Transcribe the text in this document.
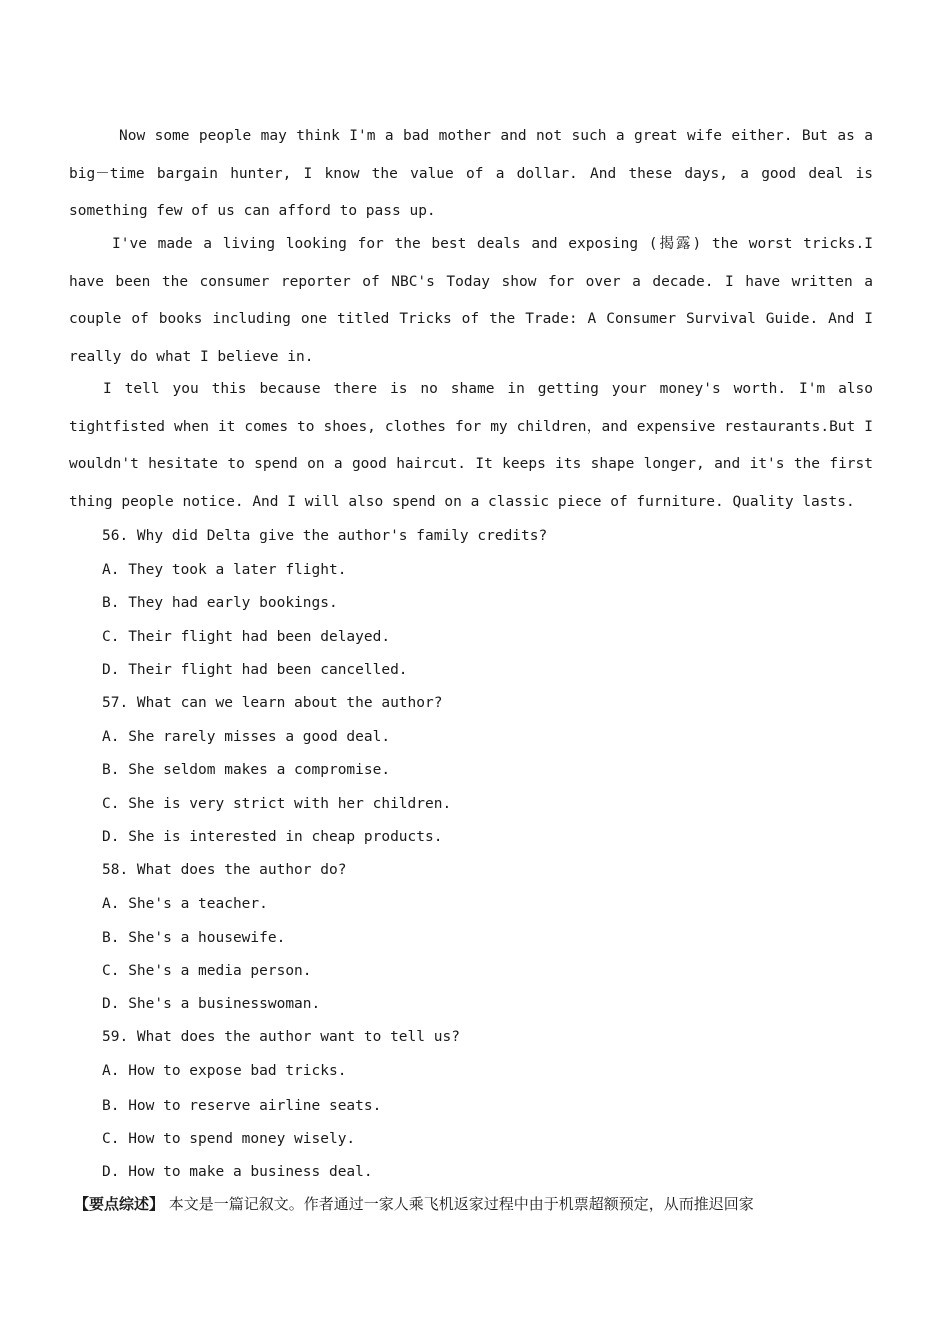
Now some people may think I'm a bad mother and not such a great wife either. But as a big－time bargain hunter, I know the value of a dollar. And these days, a good deal is something few of us can afford to pass up.

I've made a living looking for the best deals and exposing (揭露) the worst tricks.I have been the consumer reporter of NBC's Today show for over a decade. I have written a couple of books including one titled Tricks of the Trade: A Consumer Survival Guide. And I really do what I believe in.

I tell you this because there is no shame in getting your money's worth. I'm also tightfisted when it comes to shoes, clothes for my children，and expensive restaurants.But I wouldn't hesitate to spend on a good haircut. It keeps its shape longer, and it's the first thing people notice. And I will also spend on a classic piece of furniture. Quality lasts.

56. Why did Delta give the author's family credits?
A. They took a later flight.
B. They had early bookings.
C. Their flight had been delayed.
D. Their flight had been cancelled.
57. What can we learn about the author?
A. She rarely misses a good deal.
B. She seldom makes a compromise.
C. She is very strict with her children.
D. She is interested in cheap products.
58. What does the author do?
A. She's a teacher.
B. She's a housewife.
C. She's a media person.
D. She's a businesswoman.
59. What does the author want to tell us?
A. How to expose bad tricks.
B. How to reserve airline seats.
C. How to spend money wisely.
D. How to make a business deal.
【要点综述】 本文是一篇记叙文。作者通过一家人乘飞机返家过程中由于机票超额预定，从而推迟回家
